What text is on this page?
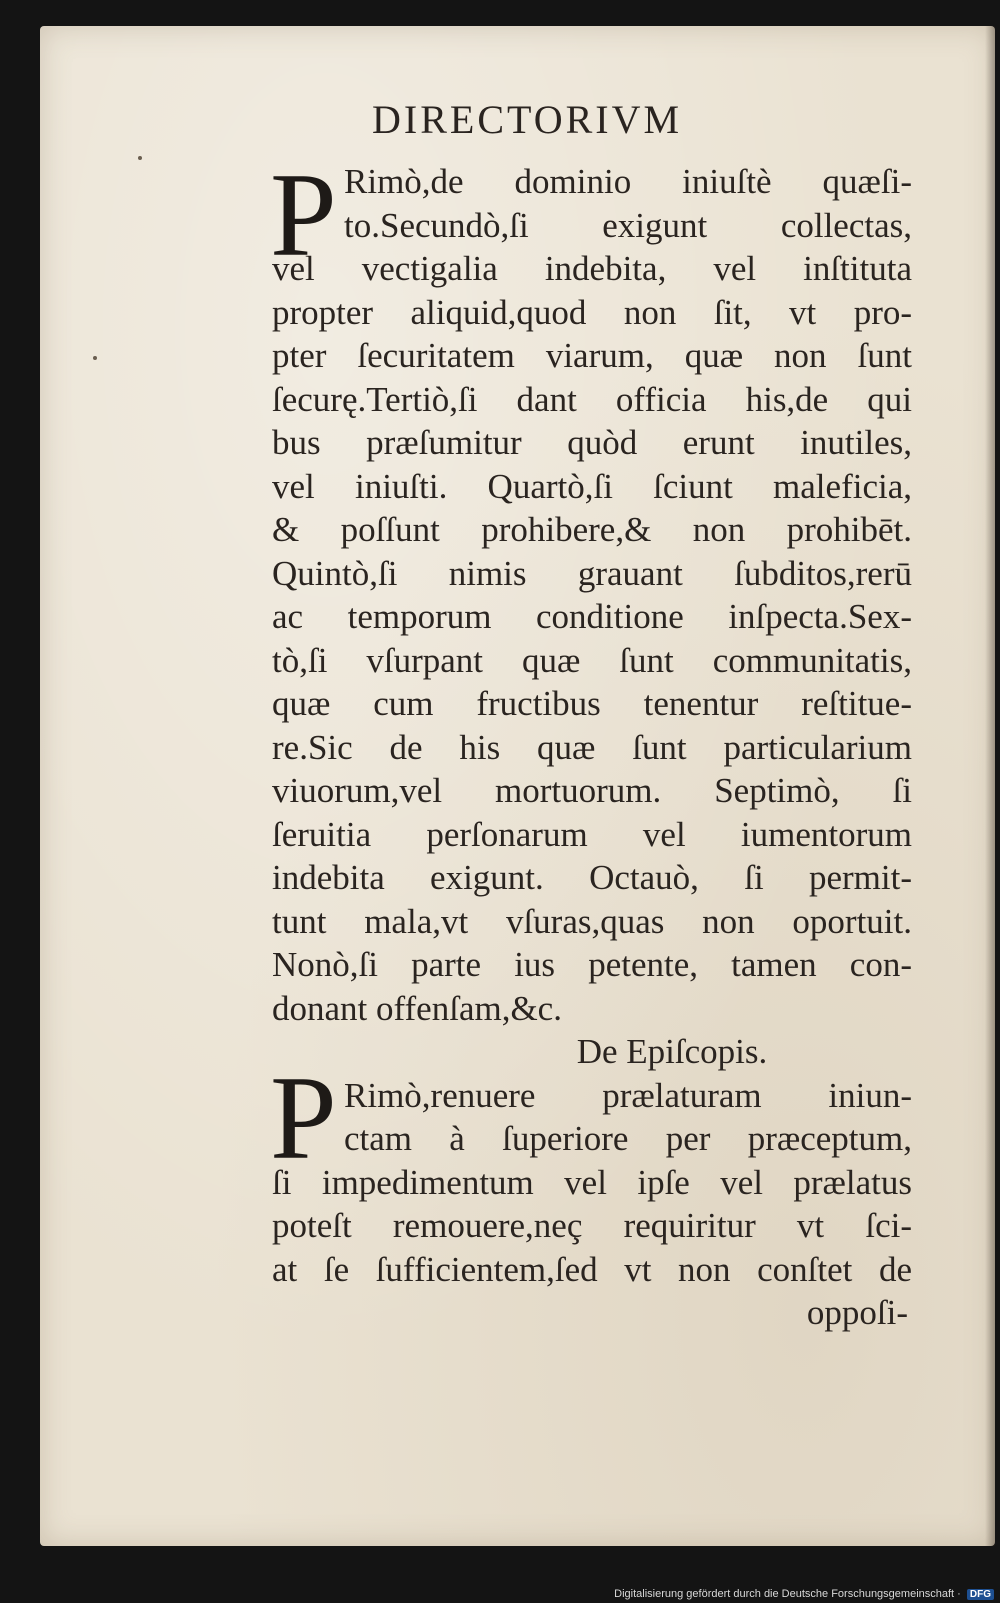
DIRECTORIVM
P
P
Rimò,de dominio iniuſtè quæſi-
to.Secundò,ſi exigunt collectas,
vel vectigalia indebita, vel inſtituta
propter aliquid,quod non ſit, vt pro-
pter ſecuritatem viarum, quæ non ſunt
ſecurę.Tertiò,ſi dant officia his,de qui
bus præſumitur quòd erunt inutiles,
vel iniuſti. Quartò,ſi ſciunt maleficia,
& poſſunt prohibere,& non prohibēt.
Quintò,ſi nimis grauant ſubditos,rerū
ac temporum conditione inſpecta.Sex-
tò,ſi vſurpant quæ ſunt communitatis,
quæ cum fructibus tenentur reſtitue-
re.Sic de his quæ ſunt particularium
viuorum,vel mortuorum. Septimò, ſi
ſeruitia perſonarum vel iumentorum
indebita exigunt. Octauò, ſi permit-
tunt mala,vt vſuras,quas non oportuit.
Nonò,ſi parte ius petente, tamen con-
donant offenſam,&c.
De Epiſcopis.
Rimò,renuere prælaturam iniun-
ctam à ſuperiore per præceptum,
ſi impedimentum vel ipſe vel prælatus
poteſt remouere,neç requiritur vt ſci-
at ſe ſufficientem,ſed vt non conſtet de
oppoſi-
Digitalisierung gefördert durch die Deutsche Forschungsgemeinschaft · DFG
